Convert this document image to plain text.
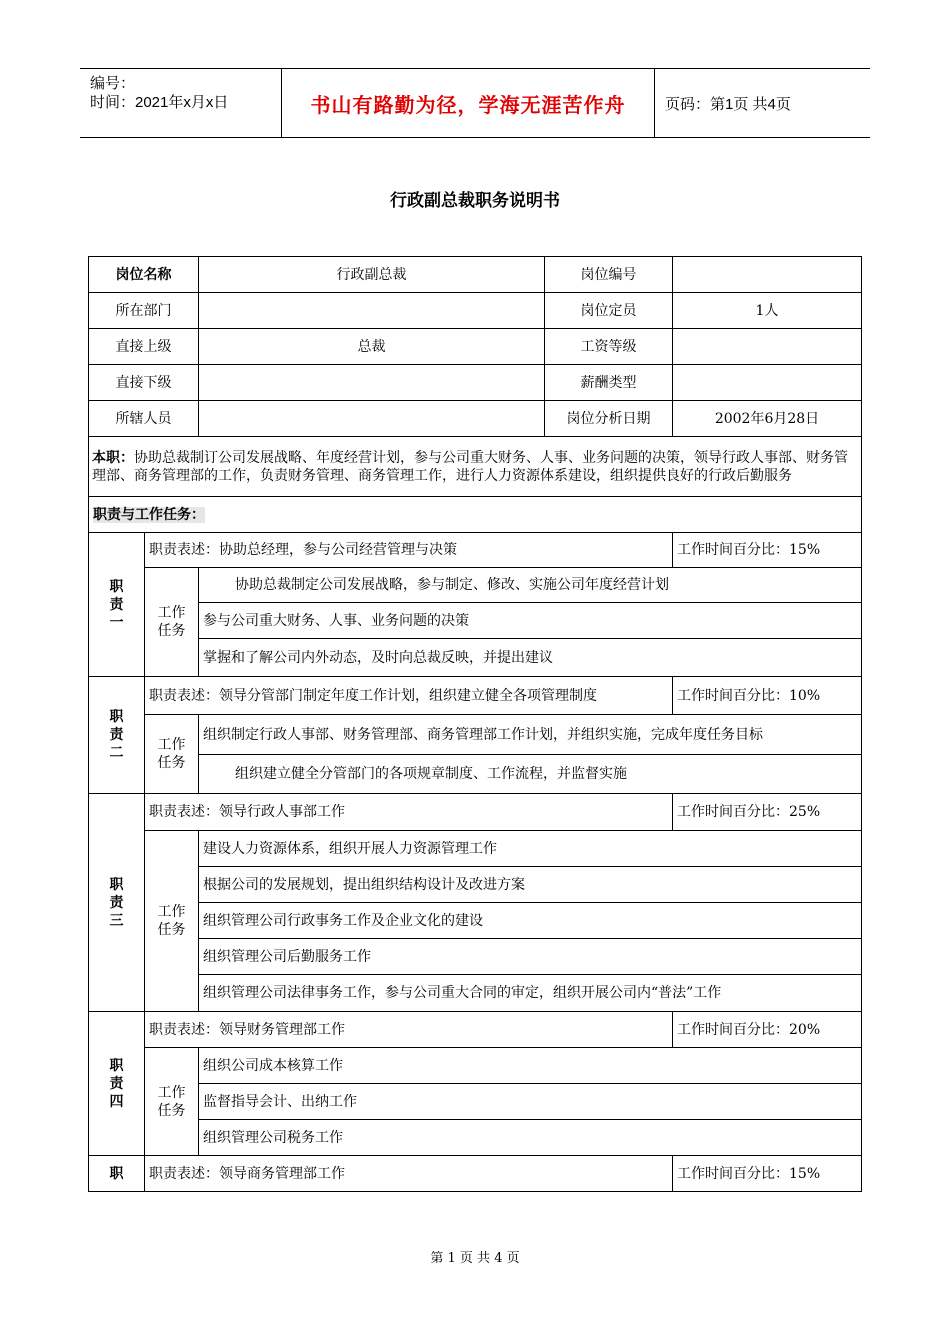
编号：
时间：2021年x月x日	书山有路勤为径，学海无涯苦作舟	页码：第1页 共4页
行政副总裁职务说明书
岗位名称		行政副总裁	岗位编号	
所在部门			岗位定员	1人
直接上级		总裁	工资等级	
直接下级			薪酬类型	
所辖人员			岗位分析日期	2002年6月28日
本职：协助总裁制订公司发展战略、年度经营计划，参与公司重大财务、人事、业务问题的决策，领导行政人事部、财务管理部、商务管理部的工作，负责财务管理、商务管理工作，进行人力资源体系建设，组织提供良好的行政后勤服务				
职责与工作任务：				
职
责
一	职责表述：协助总经理，参与公司经营管理与决策			工作时间百分比：15%
	工作
任务	协助总裁制定公司发展战略，参与制定、修改、实施公司年度经营计划		
		参与公司重大财务、人事、业务问题的决策		
		掌握和了解公司内外动态，及时向总裁反映，并提出建议		
职
责
二	职责表述：领导分管部门制定年度工作计划，组织建立健全各项管理制度			工作时间百分比：10%
	工作
任务	组织制定行政人事部、财务管理部、商务管理部工作计划，并组织实施，完成年度任务目标		
		组织建立健全分管部门的各项规章制度、工作流程，并监督实施		
职
责
三	职责表述：领导行政人事部工作			工作时间百分比：25%
	工作
任务	建设人力资源体系，组织开展人力资源管理工作		
		根据公司的发展规划，提出组织结构设计及改进方案		
		组织管理公司行政事务工作及企业文化的建设		
		组织管理公司后勤服务工作		
		组织管理公司法律事务工作，参与公司重大合同的审定，组织开展公司内“普法”工作		
职
责
四	职责表述：领导财务管理部工作			工作时间百分比：20%
	工作
任务	组织公司成本核算工作		
		监督指导会计、出纳工作		
		组织管理公司税务工作		
职	职责表述：领导商务管理部工作			工作时间百分比：15%
第 1 页 共 4 页
